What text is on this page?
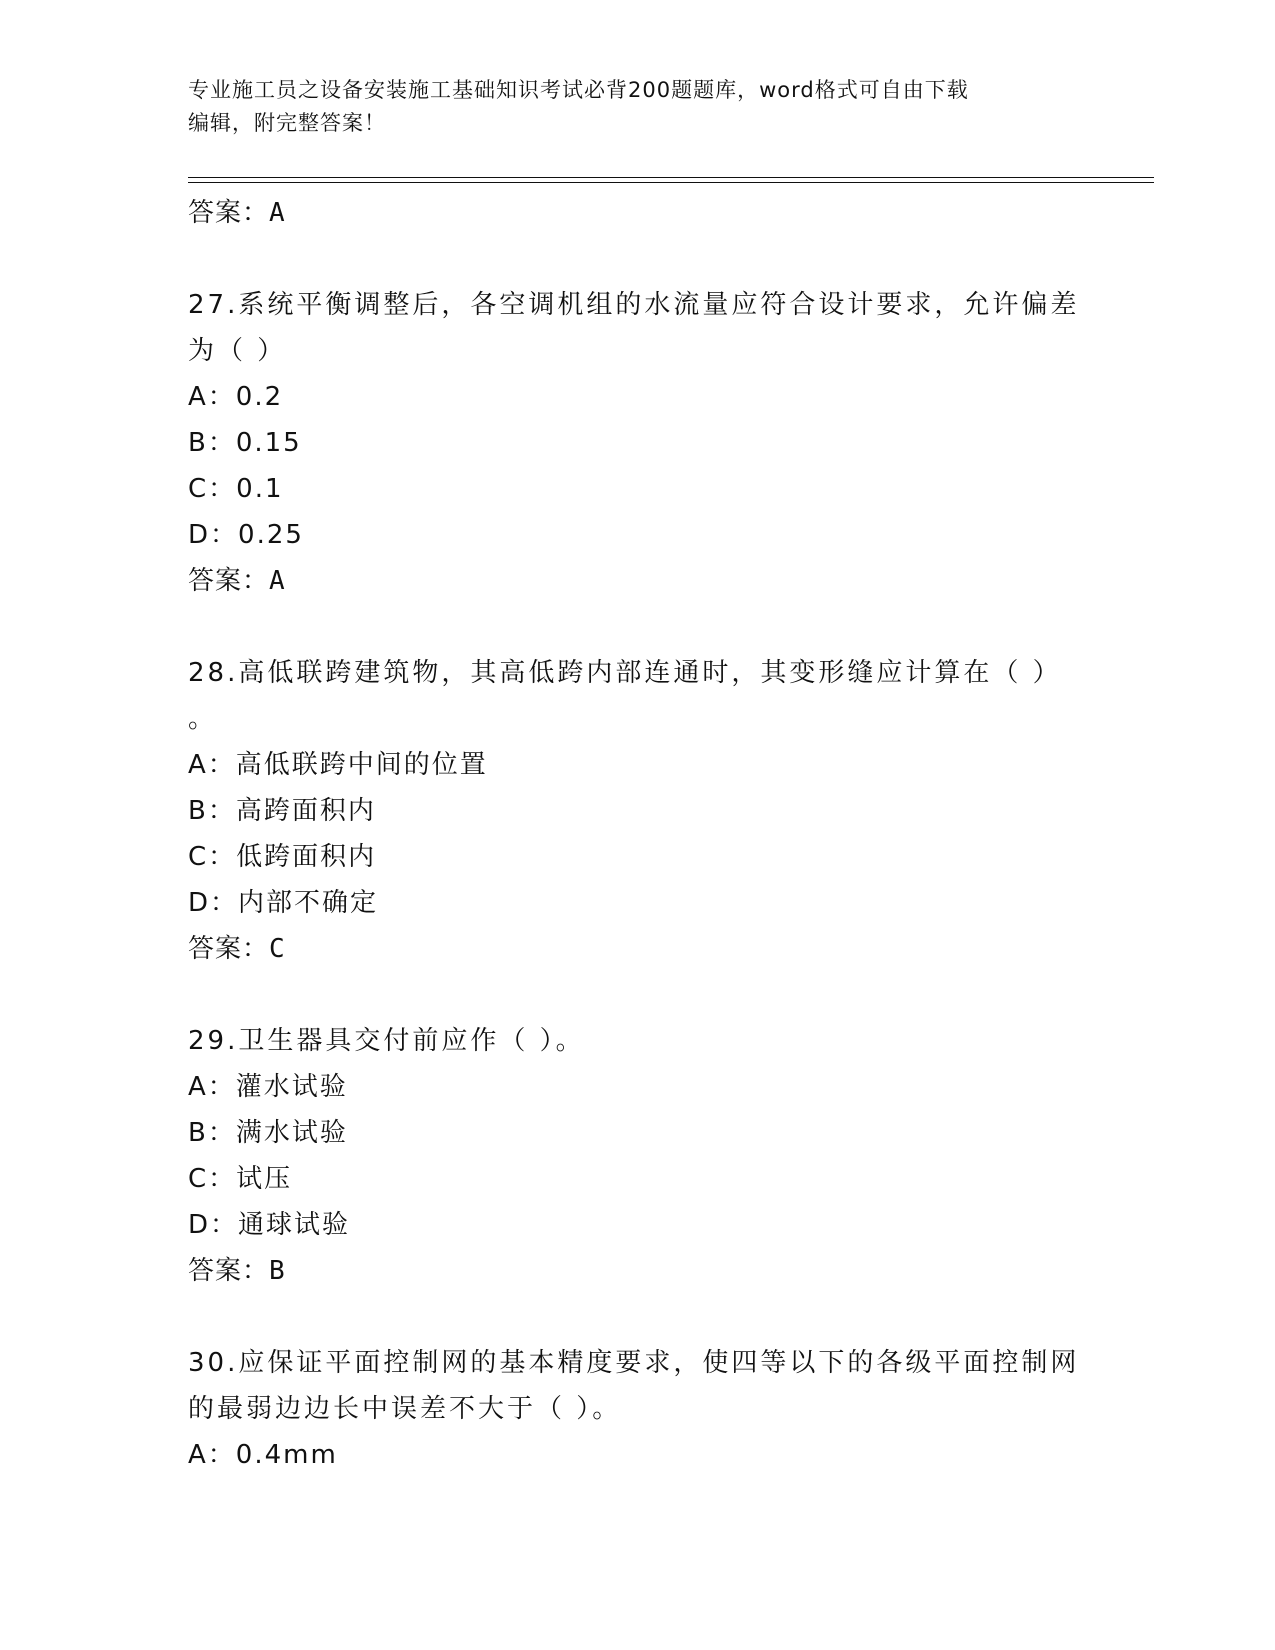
专业施工员之设备安装施工基础知识考试必背200题题库，word格式可自由下载
编辑，附完整答案！
答案：A
27.系统平衡调整后，各空调机组的水流量应符合设计要求，允许偏差
为（ ）
A：0.2
B：0.15
C：0.1
D：0.25
答案：A
28.高低联跨建筑物，其高低跨内部连通时，其变形缝应计算在（ ）
。
A：高低联跨中间的位置
B：高跨面积内
C：低跨面积内
D：内部不确定
答案：C
29.卫生器具交付前应作（ ）。
A：灌水试验
B：满水试验
C：试压
D：通球试验
答案：B
30.应保证平面控制网的基本精度要求，使四等以下的各级平面控制网
的最弱边边长中误差不大于（ ）。
A：0.4mm
